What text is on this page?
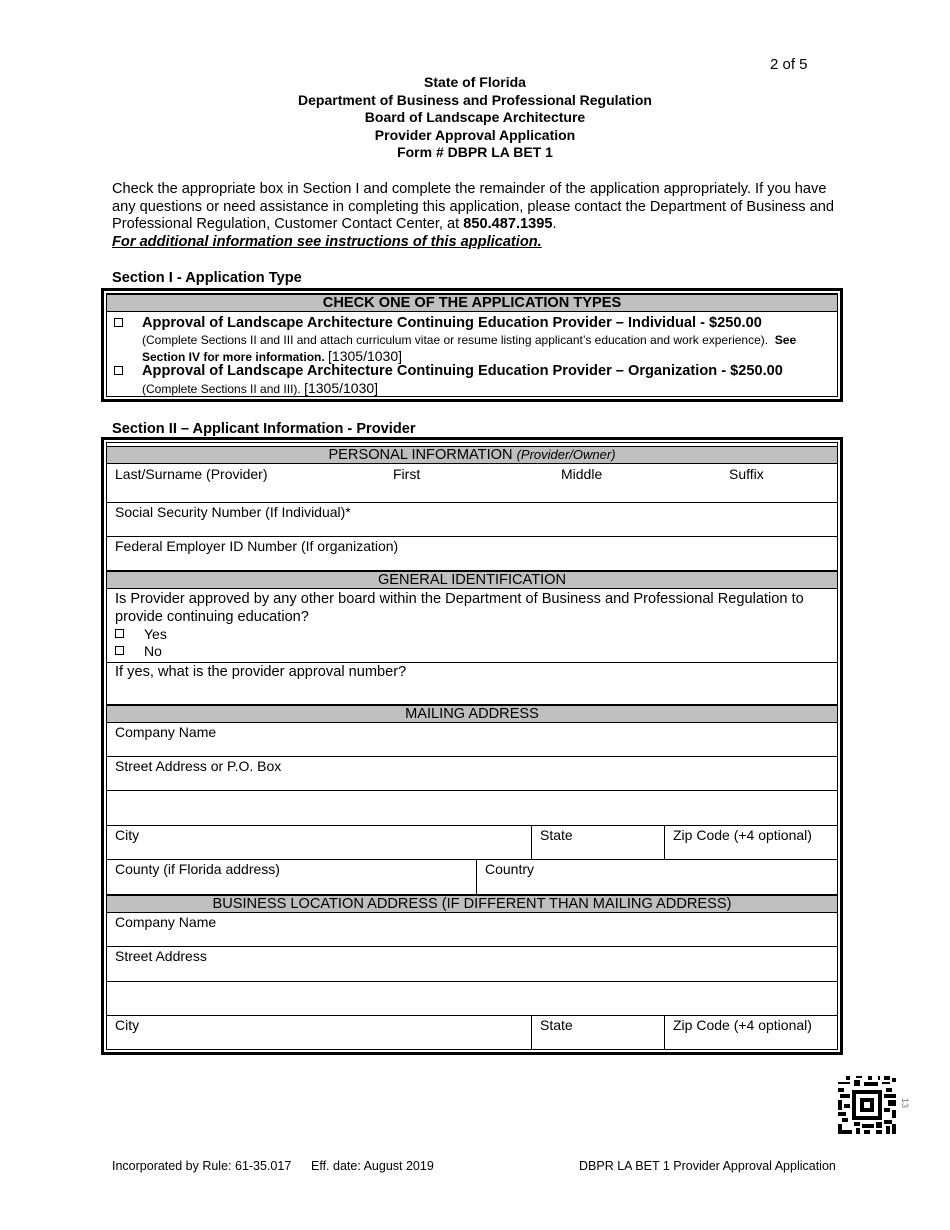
2 of 5
State of Florida
Department of Business and Professional Regulation
Board of Landscape Architecture
Provider Approval Application
Form # DBPR LA BET 1
Check the appropriate box in Section I and complete the remainder of the application appropriately. If you have any questions or need assistance in completing this application, please contact the Department of Business and Professional Regulation, Customer Contact Center, at 850.487.1395.
For additional information see instructions of this application.
Section I - Application Type
CHECK ONE OF THE APPLICATION TYPES
Approval of Landscape Architecture Continuing Education Provider – Individual - $250.00
(Complete Sections II and III and attach curriculum vitae or resume listing applicant’s education and work experience). See Section IV for more information. [1305/1030]
Approval of Landscape Architecture Continuing Education Provider – Organization - $250.00
(Complete Sections II and III). [1305/1030]
Section II – Applicant Information - Provider
PERSONAL INFORMATION (Provider/Owner)
Last/Surname (Provider)	First	Middle	Suffix
Social Security Number (If Individual)*
Federal Employer ID Number (If organization)
GENERAL IDENTIFICATION
Is Provider approved by any other board within the Department of Business and Professional Regulation to provide continuing education?
Yes
No
If yes, what is the provider approval number?
MAILING ADDRESS
Company Name
Street Address or P.O. Box
City	State	Zip Code (+4 optional)
County (if Florida address)	Country
BUSINESS LOCATION ADDRESS (IF DIFFERENT THAN MAILING ADDRESS)
Company Name
Street Address
City	State	Zip Code (+4 optional)
13
Incorporated by Rule: 61-35.017 Eff. date: August 2019	DBPR LA BET 1 Provider Approval Application
